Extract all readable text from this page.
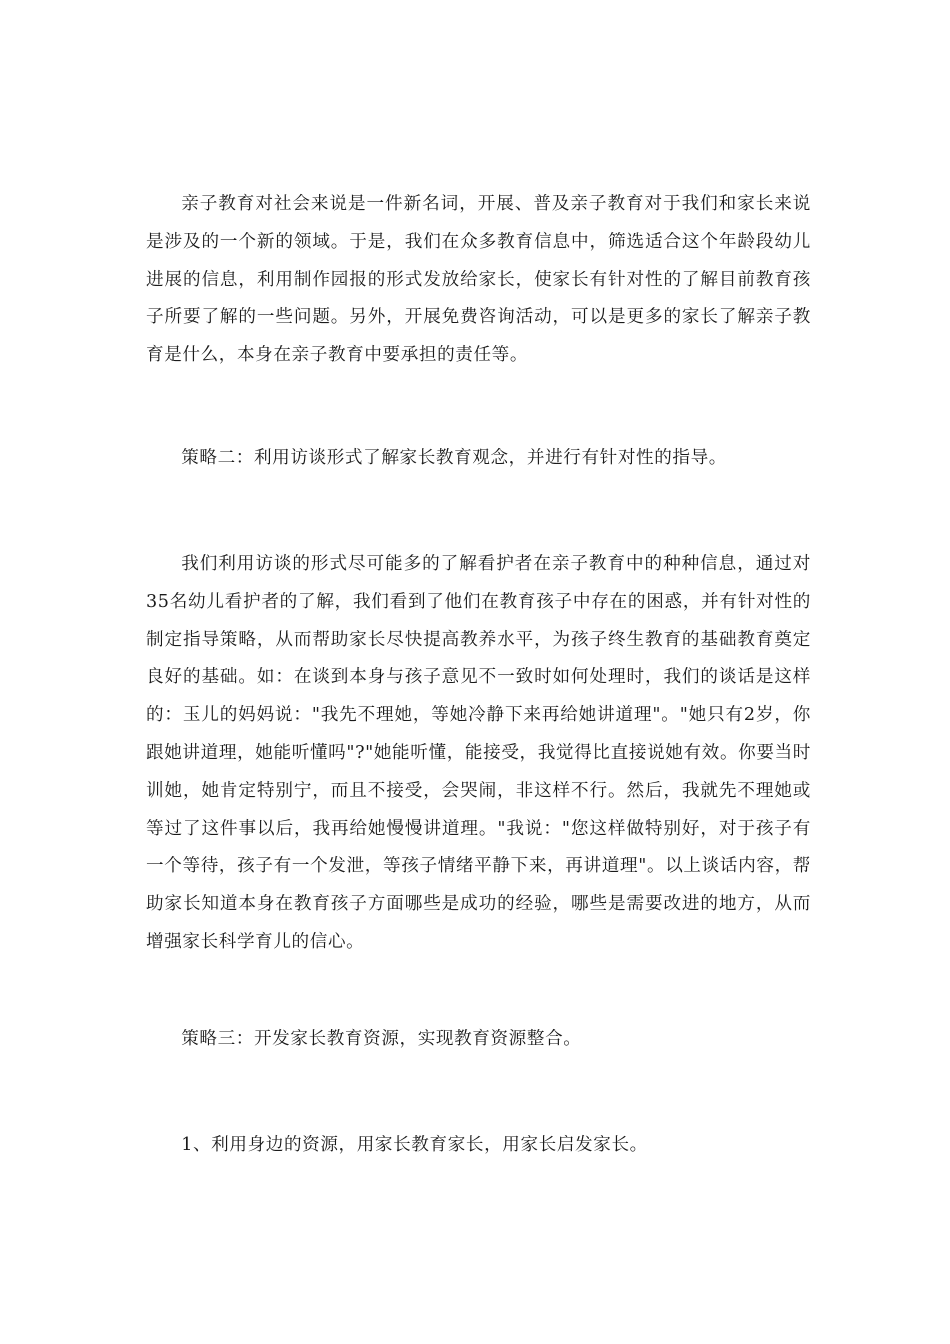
亲子教育对社会来说是一件新名词，开展、普及亲子教育对于我们和家长来说是涉及的一个新的领域。于是，我们在众多教育信息中，筛选适合这个年龄段幼儿进展的信息，利用制作园报的形式发放给家长，使家长有针对性的了解目前教育孩子所要了解的一些问题。另外，开展免费咨询活动，可以是更多的家长了解亲子教育是什么，本身在亲子教育中要承担的责任等。

策略二：利用访谈形式了解家长教育观念，并进行有针对性的指导。

我们利用访谈的形式尽可能多的了解看护者在亲子教育中的种种信息，通过对35名幼儿看护者的了解，我们看到了他们在教育孩子中存在的困惑，并有针对性的制定指导策略，从而帮助家长尽快提高教养水平，为孩子终生教育的基础教育奠定良好的基础。如：在谈到本身与孩子意见不一致时如何处理时，我们的谈话是这样的：玉儿的妈妈说："我先不理她，等她冷静下来再给她讲道理"。"她只有2岁，你跟她讲道理，她能听懂吗"?"她能听懂，能接受，我觉得比直接说她有效。你要当时训她，她肯定特别宁，而且不接受，会哭闹，非这样不行。然后，我就先不理她或等过了这件事以后，我再给她慢慢讲道理。"我说："您这样做特别好，对于孩子有一个等待，孩子有一个发泄，等孩子情绪平静下来，再讲道理"。以上谈话内容，帮助家长知道本身在教育孩子方面哪些是成功的经验，哪些是需要改进的地方，从而增强家长科学育儿的信心。

策略三：开发家长教育资源，实现教育资源整合。

1、利用身边的资源，用家长教育家长，用家长启发家长。
